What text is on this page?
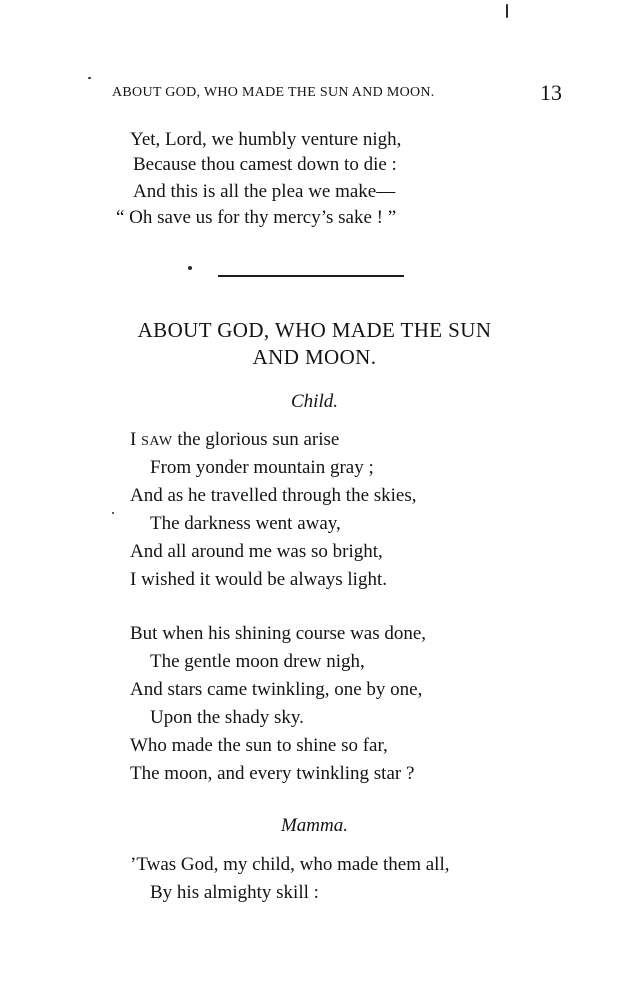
ABOUT GOD, WHO MADE THE SUN AND MOON.	13
Yet, Lord, we humbly venture nigh,
Because thou camest down to die :
And this is all the plea we make—
“ Oh save us for thy mercy’s sake ! ”
ABOUT GOD, WHO MADE THE SUN
AND MOON.
Child.
I SAW the glorious sun arise
From yonder mountain gray ;
And as he travelled through the skies,
The darkness went away,
And all around me was so bright,
I wished it would be always light.
But when his shining course was done,
The gentle moon drew nigh,
And stars came twinkling, one by one,
Upon the shady sky.
Who made the sun to shine so far,
The moon, and every twinkling star ?
Mamma.
’Twas God, my child, who made them all,
By his almighty skill :
